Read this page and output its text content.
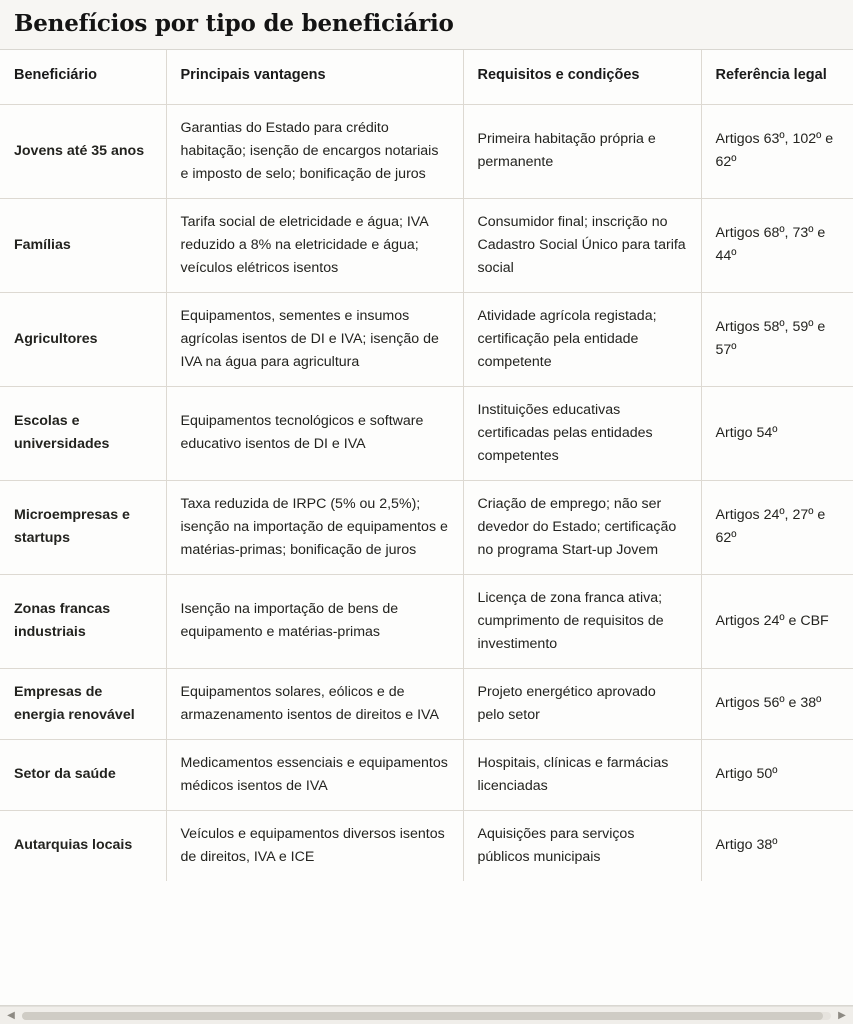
Benefícios por tipo de beneficiário
Beneficiário	Principais vantagens	Requisitos e condições	Referência legal
Jovens até 35 anos	Garantias do Estado para crédito habitação; isenção de encargos notariais e imposto de selo; bonificação de juros	Primeira habitação própria e permanente	Artigos 63º, 102º e 62º
Famílias	Tarifa social de eletricidade e água; IVA reduzido a 8% na eletricidade e água; veículos elétricos isentos	Consumidor final; inscrição no Cadastro Social Único para tarifa social	Artigos 68º, 73º e 44º
Agricultores	Equipamentos, sementes e insumos agrícolas isentos de DI e IVA; isenção de IVA na água para agricultura	Atividade agrícola registada; certificação pela entidade competente	Artigos 58º, 59º e 57º
Escolas e universidades	Equipamentos tecnológicos e software educativo isentos de DI e IVA	Instituições educativas certificadas pelas entidades competentes	Artigo 54º
Microempresas e startups	Taxa reduzida de IRPC (5% ou 2,5%); isenção na importação de equipamentos e matérias-primas; bonificação de juros	Criação de emprego; não ser devedor do Estado; certificação no programa Start-up Jovem	Artigos 24º, 27º e 62º
Zonas francas industriais	Isenção na importação de bens de equipamento e matérias-primas	Licença de zona franca ativa; cumprimento de requisitos de investimento	Artigos 24º e CBF
Empresas de energia renovável	Equipamentos solares, eólicos e de armazenamento isentos de direitos e IVA	Projeto energético aprovado pelo setor	Artigos 56º e 38º
Setor da saúde	Medicamentos essenciais e equipamentos médicos isentos de IVA	Hospitais, clínicas e farmácias licenciadas	Artigo 50º
Autarquias locais	Veículos e equipamentos diversos isentos de direitos, IVA e ICE	Aquisições para serviços públicos municipais	Artigo 38º
◀	▶
